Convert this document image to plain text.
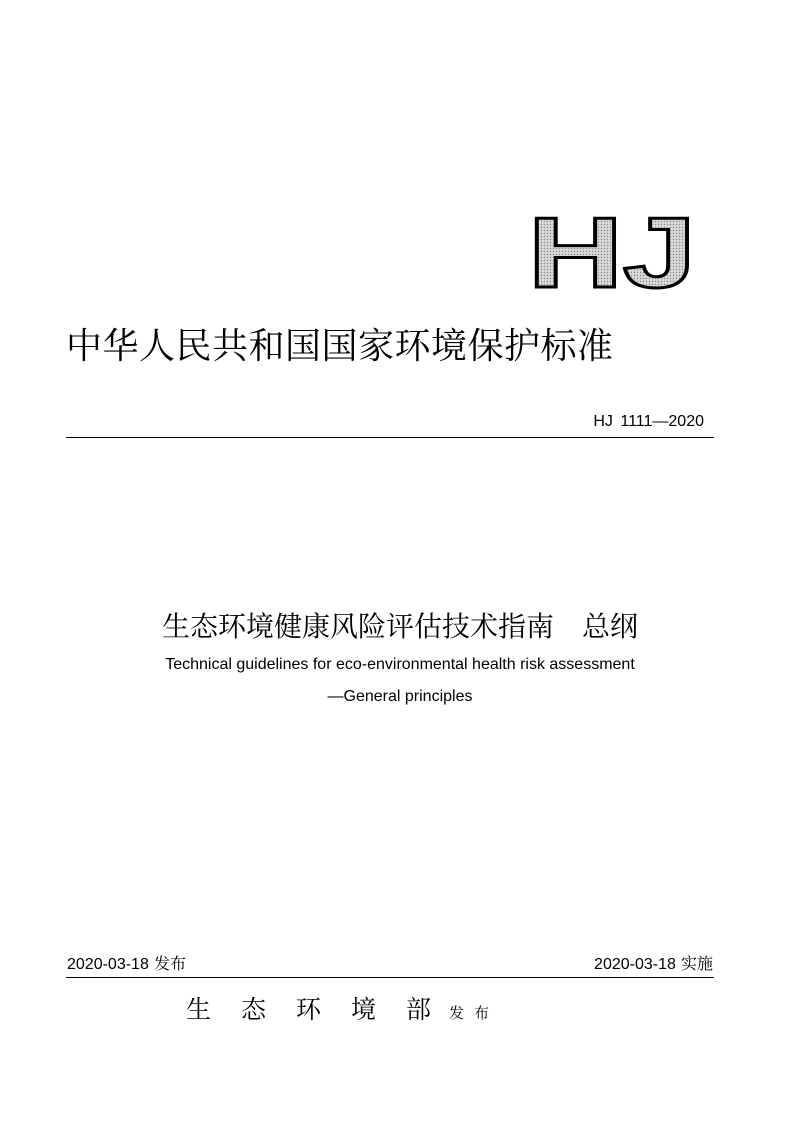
HJ
中华人民共和国国家环境保护标准
HJ 1111—2020
生态环境健康风险评估技术指南　总纲
Technical guidelines for eco-environmental health risk assessment
—General principles
2020-03-18 发布	2020-03-18 实施
生态环境部
发布
